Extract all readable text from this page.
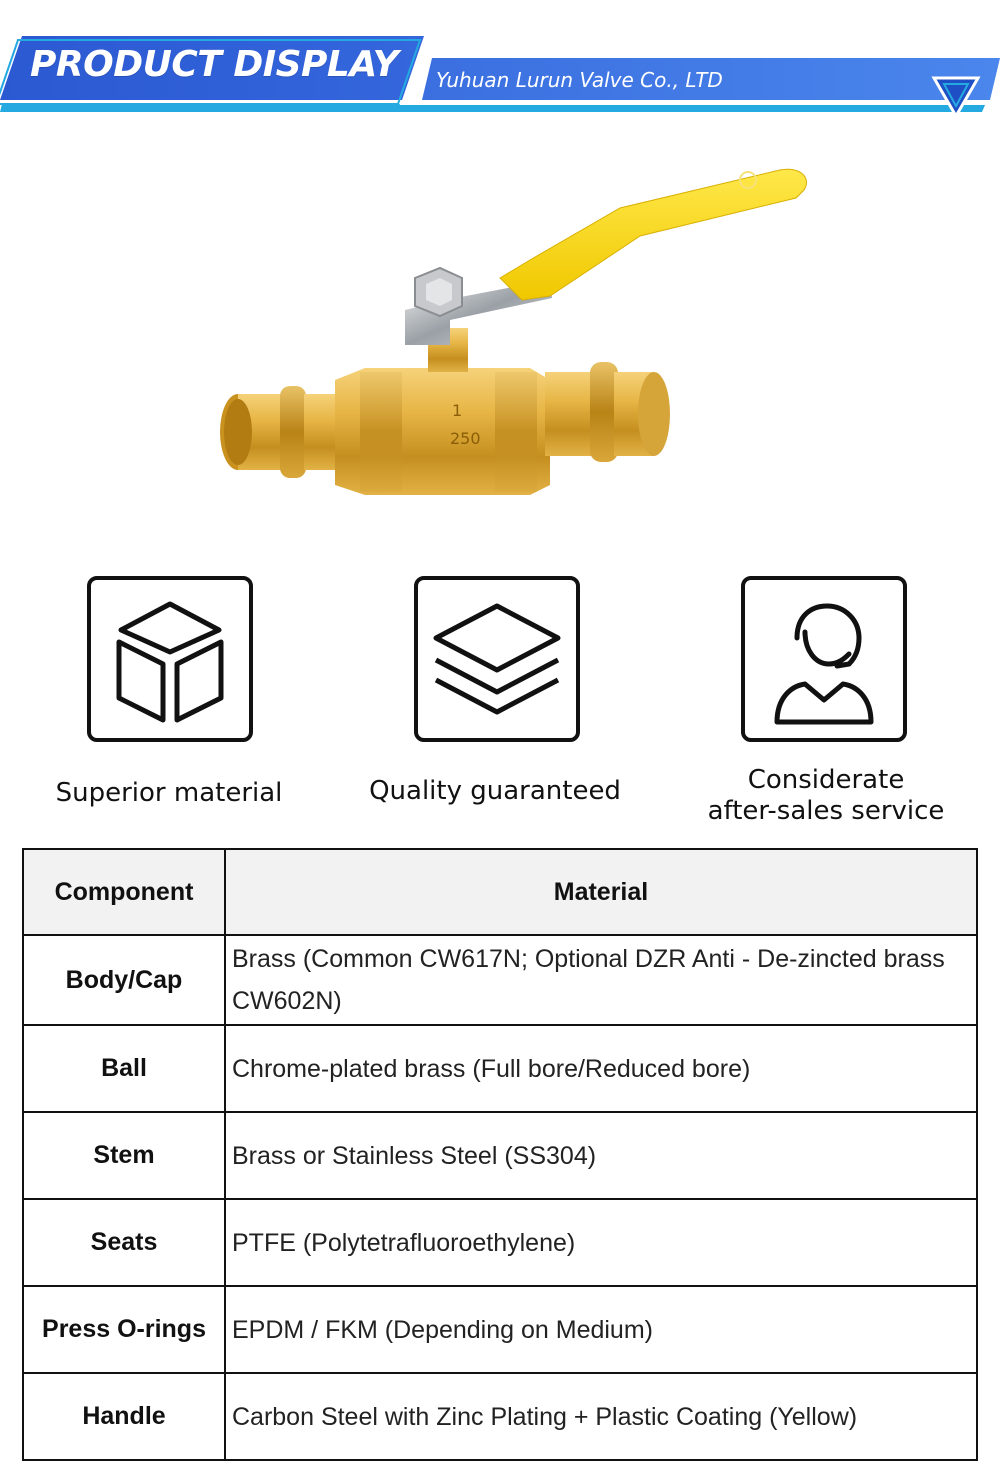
PRODUCT DISPLAY Yuhuan Lurun Valve Co., LTD
1
250
Superior material	Quality guaranteed	Considerate
after-sales service
Component	Material
Body/Cap	Brass (Common CW617N; Optional DZR Anti - De-zincted brass CW602N)
Ball	Chrome-plated brass (Full bore/Reduced bore)
Stem	Brass or Stainless Steel (SS304)
Seats	PTFE (Polytetrafluoroethylene)
Press O-rings	EPDM / FKM (Depending on Medium)
Handle	Carbon Steel with Zinc Plating + Plastic Coating (Yellow)
